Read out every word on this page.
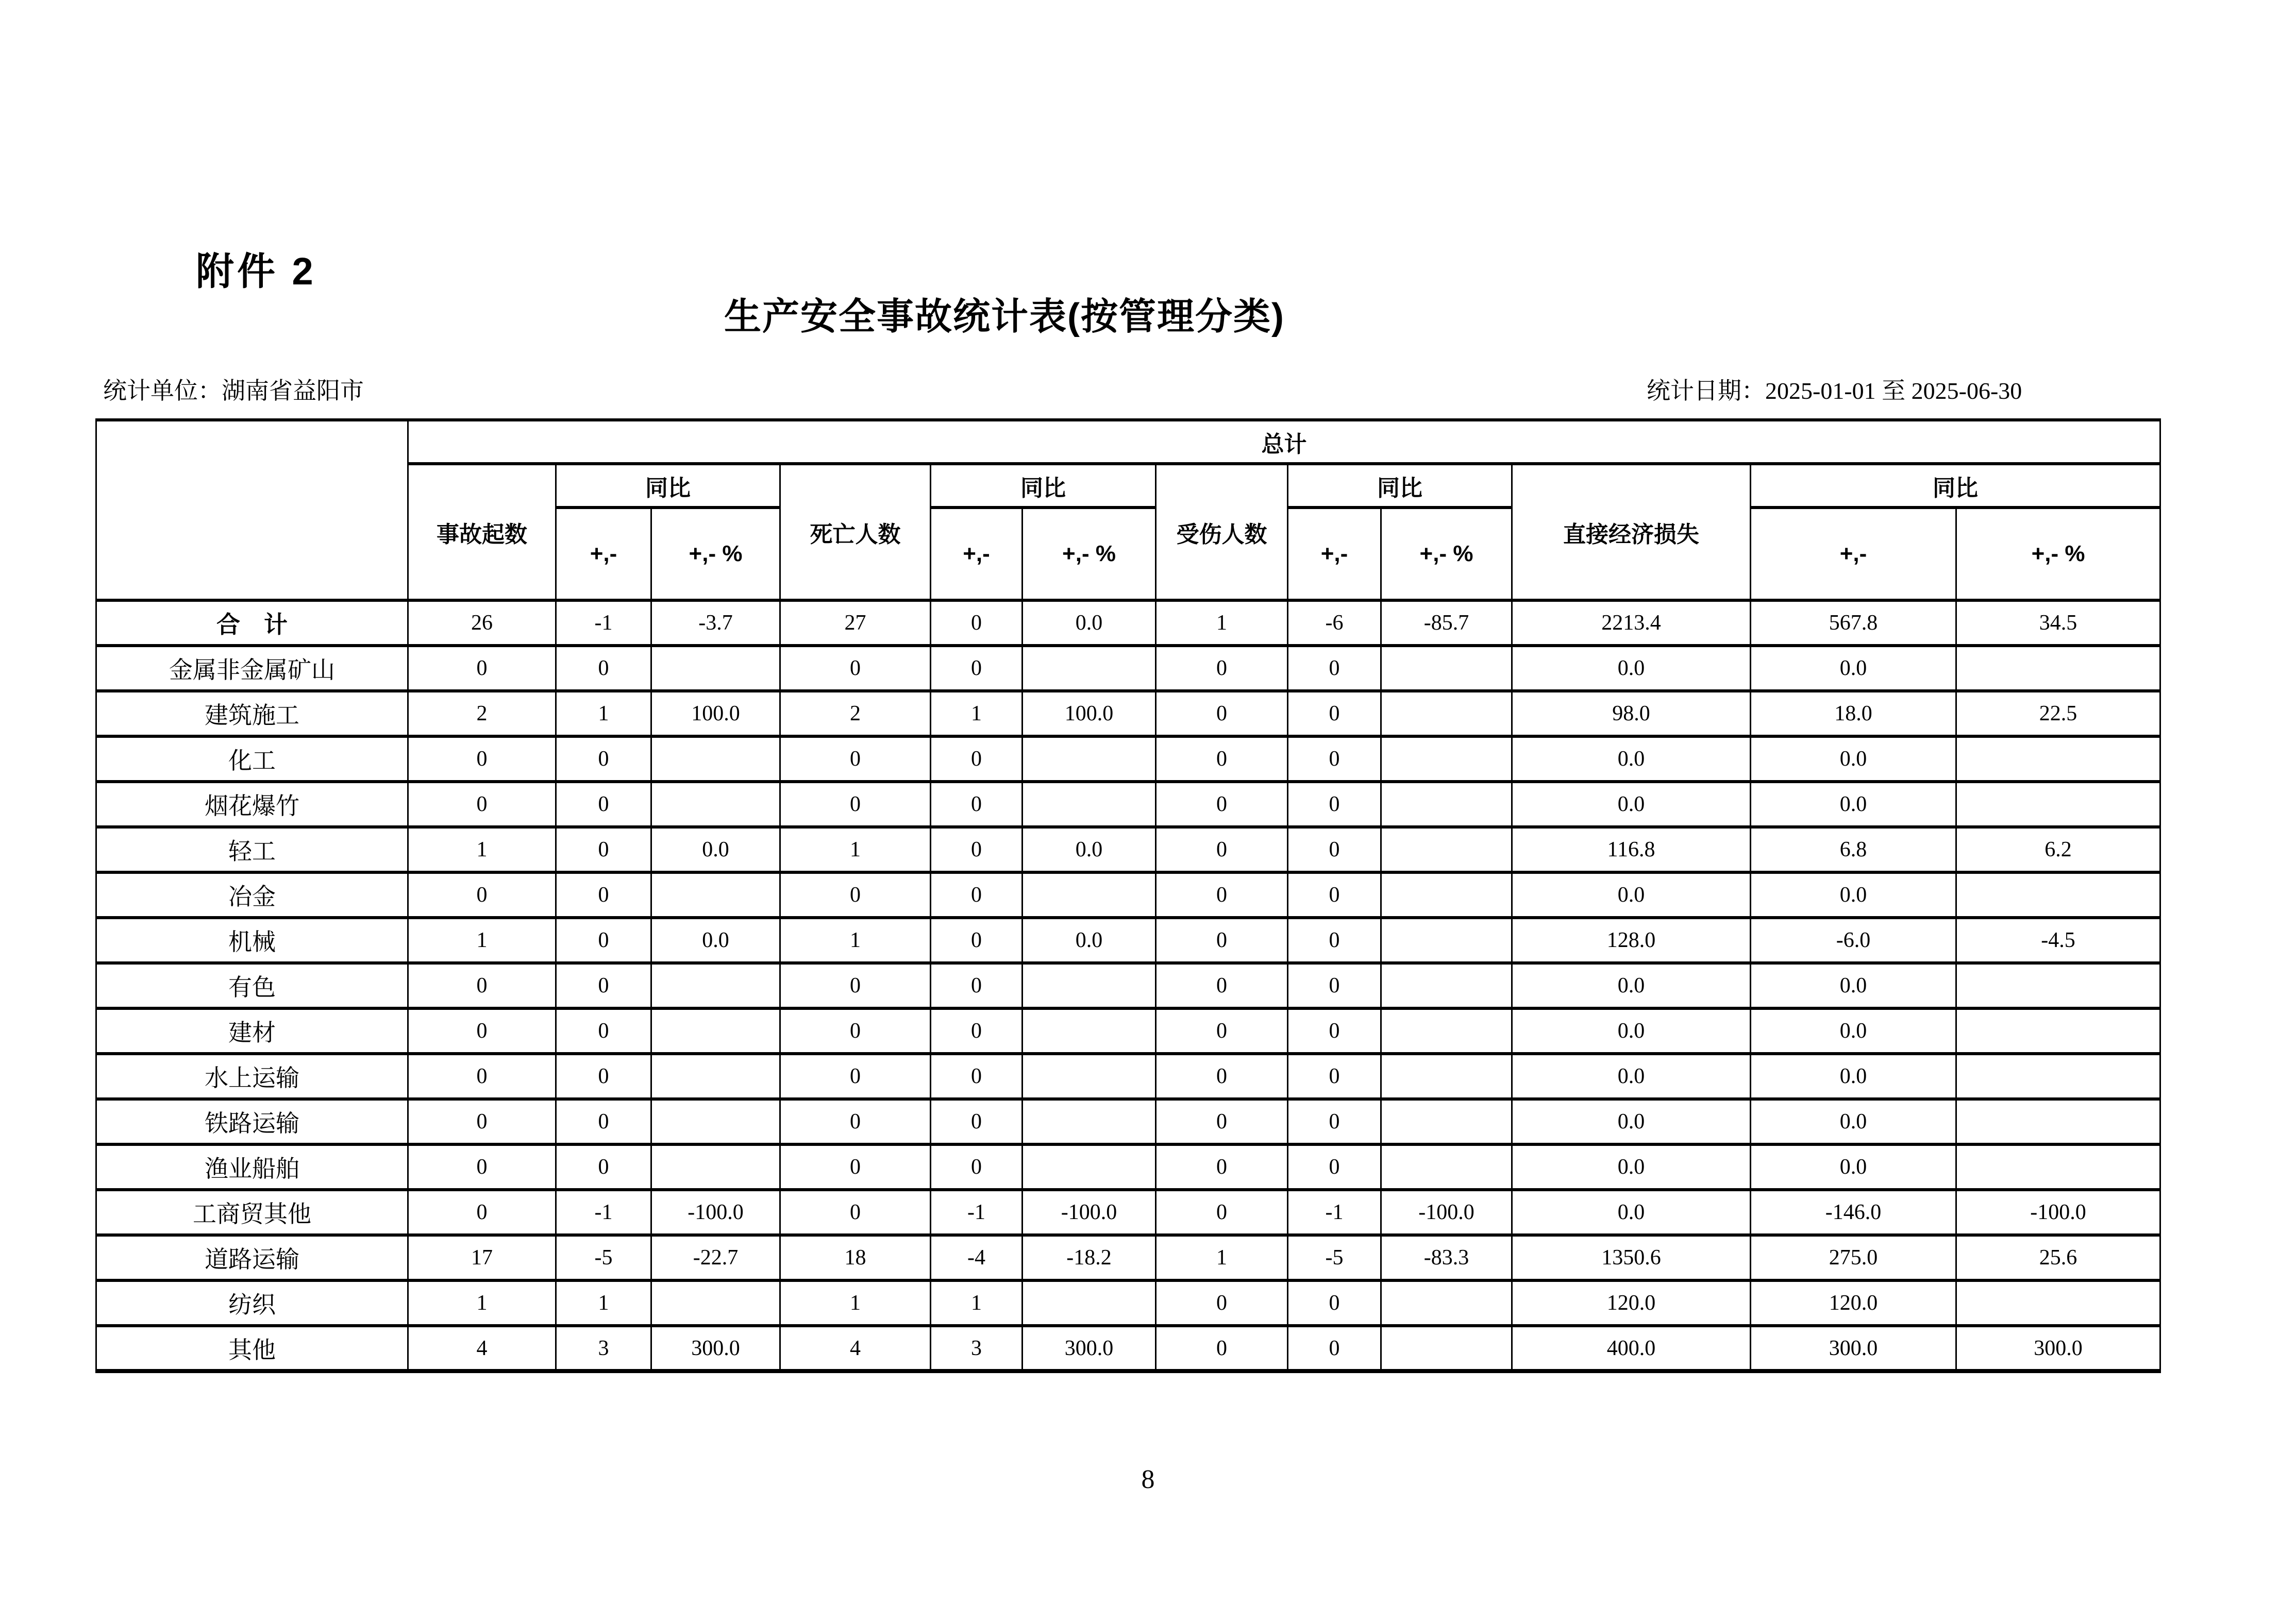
附件 2
生产安全事故统计表(按管理分类)
统计单位：湖南省益阳市	统计日期：2025-01-01 至 2025-06-30
	总计											
	事故起数	同比		死亡人数	同比		受伤人数	同比		直接经济损失	同比	
		+,-	+,- %		+,-	+,- %		+,-	+,- %		+,-	+,- %
合　计	26	-1	-3.7	27	0	0.0	1	-6	-85.7	2213.4	567.8	34.5
金属非金属矿山	0	0		0	0		0	0		0.0	0.0	
建筑施工	2	1	100.0	2	1	100.0	0	0		98.0	18.0	22.5
化工	0	0		0	0		0	0		0.0	0.0	
烟花爆竹	0	0		0	0		0	0		0.0	0.0	
轻工	1	0	0.0	1	0	0.0	0	0		116.8	6.8	6.2
冶金	0	0		0	0		0	0		0.0	0.0	
机械	1	0	0.0	1	0	0.0	0	0		128.0	-6.0	-4.5
有色	0	0		0	0		0	0		0.0	0.0	
建材	0	0		0	0		0	0		0.0	0.0	
水上运输	0	0		0	0		0	0		0.0	0.0	
铁路运输	0	0		0	0		0	0		0.0	0.0	
渔业船舶	0	0		0	0		0	0		0.0	0.0	
工商贸其他	0	-1	-100.0	0	-1	-100.0	0	-1	-100.0	0.0	-146.0	-100.0
道路运输	17	-5	-22.7	18	-4	-18.2	1	-5	-83.3	1350.6	275.0	25.6
纺织	1	1		1	1		0	0		120.0	120.0	
其他	4	3	300.0	4	3	300.0	0	0		400.0	300.0	300.0
8
